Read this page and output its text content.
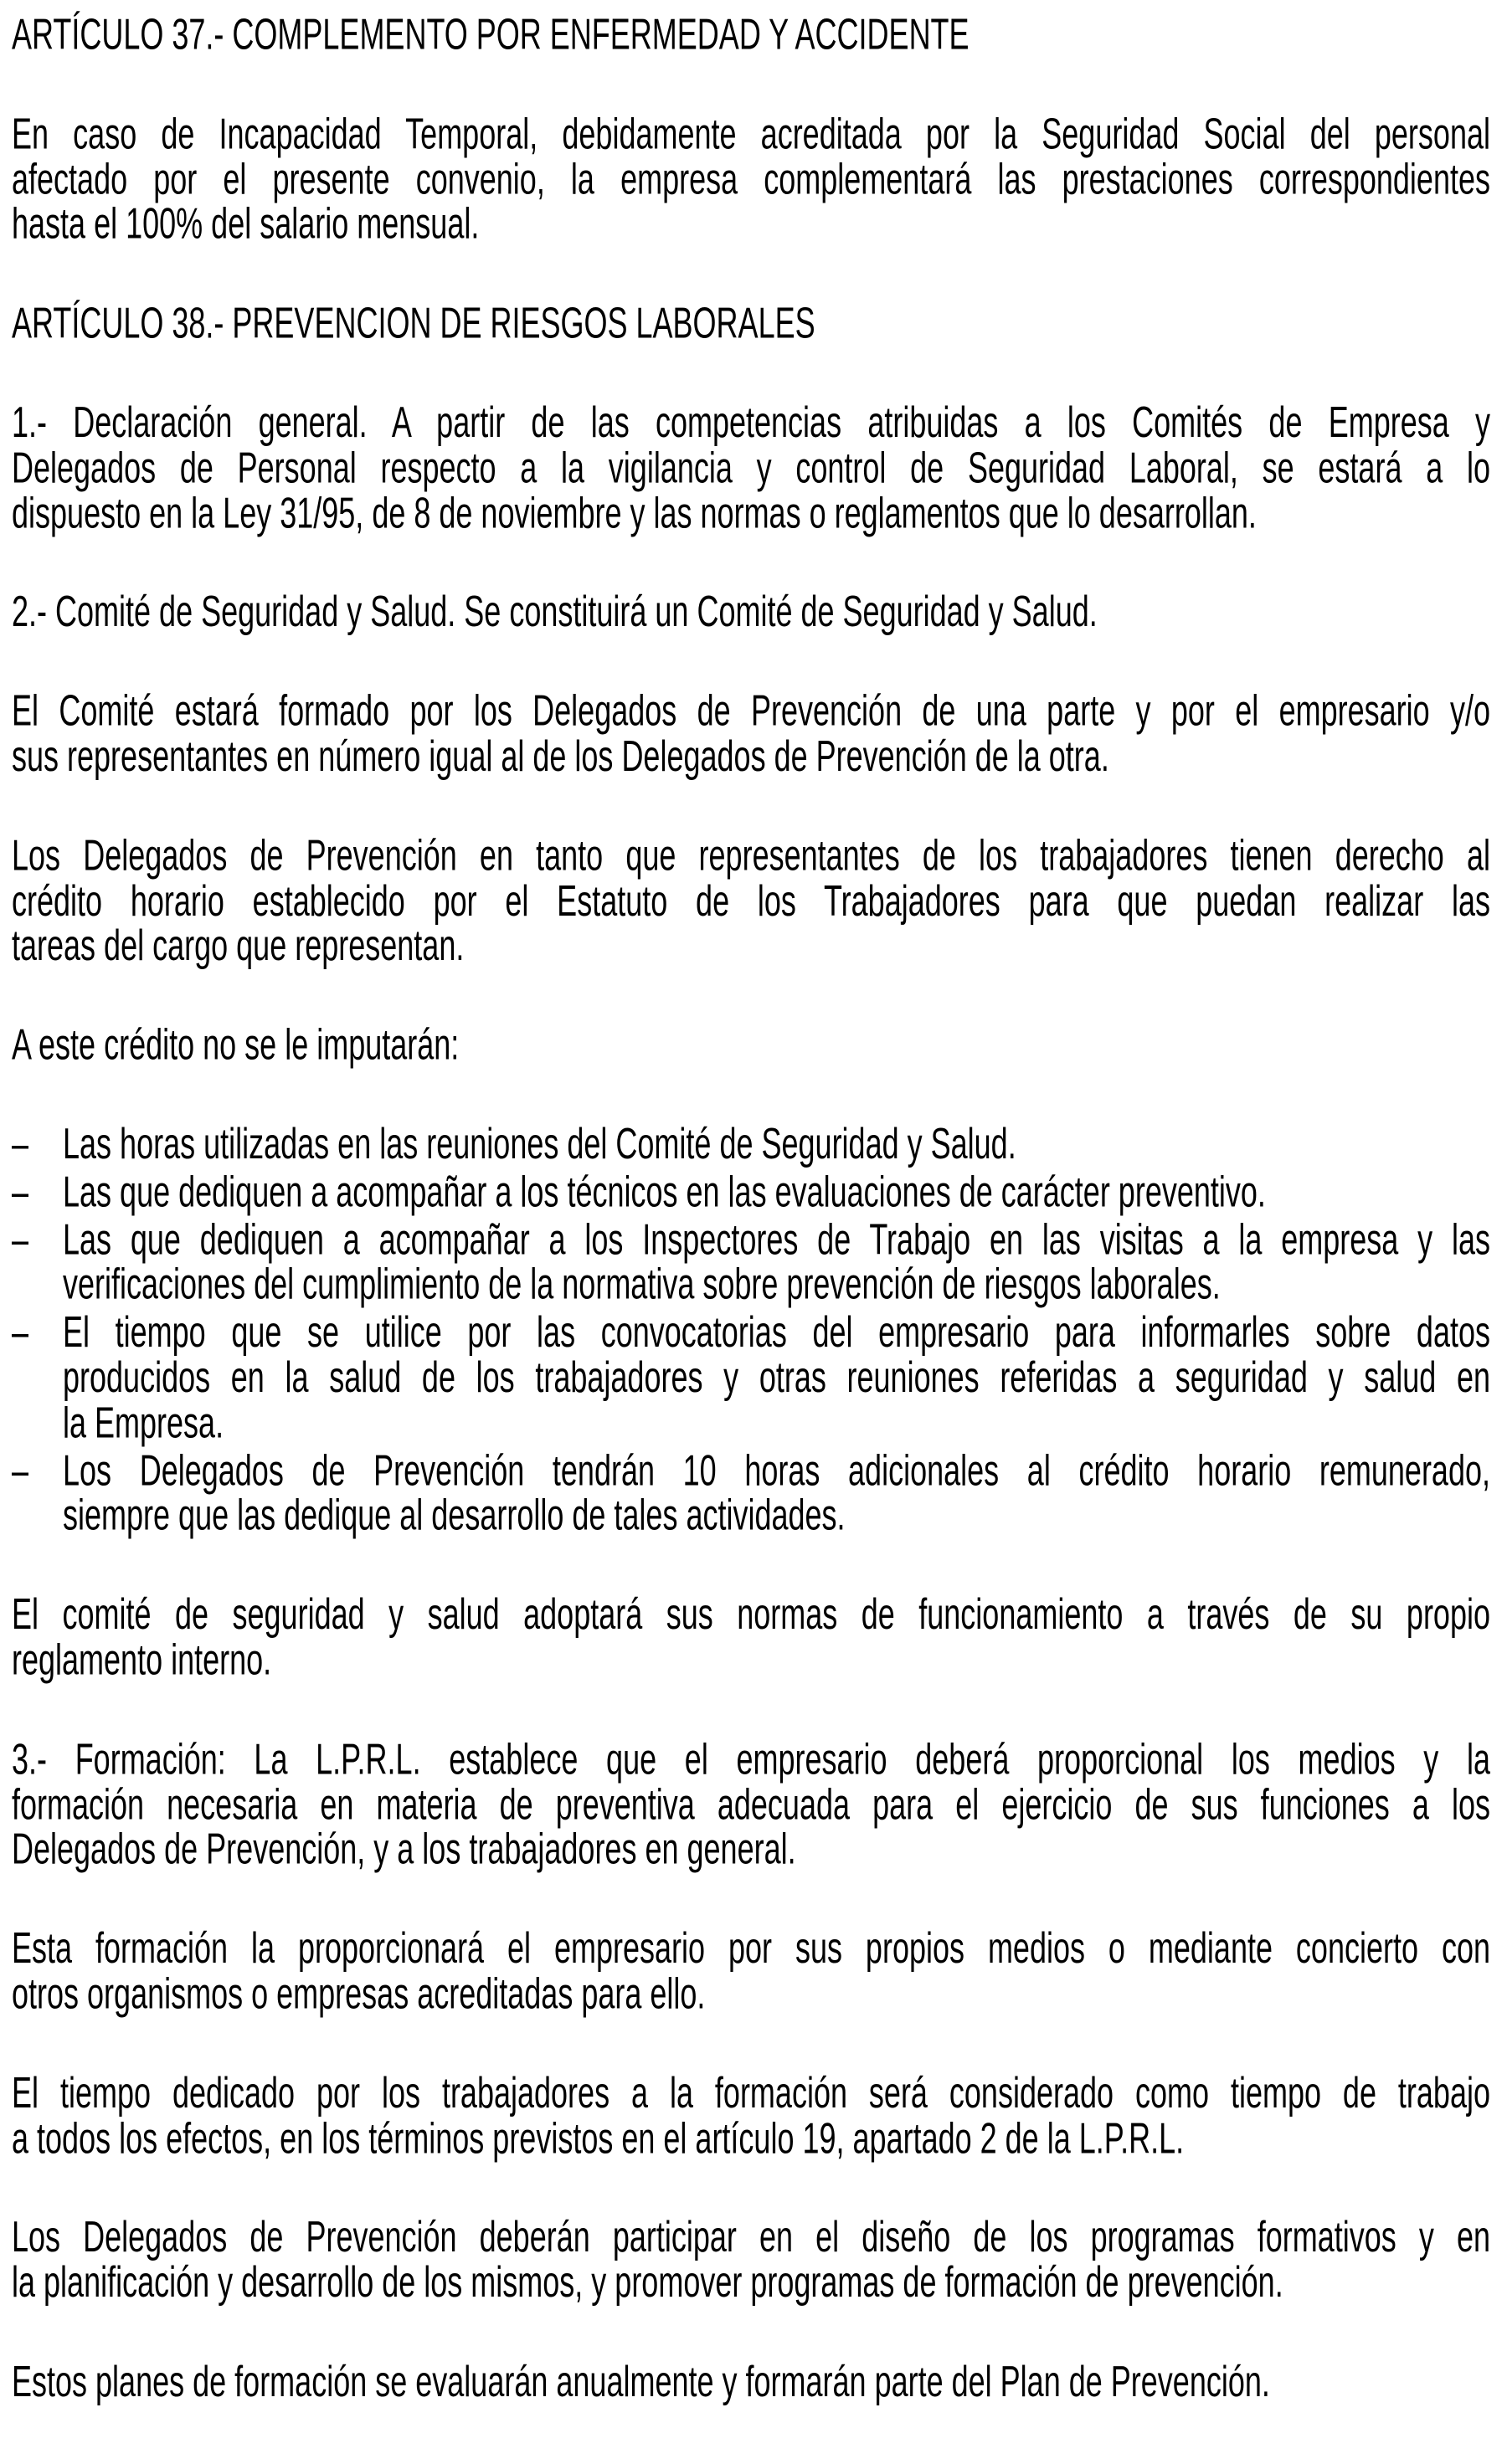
ARTÍCULO 37.- COMPLEMENTO POR ENFERMEDAD Y ACCIDENTE
En caso de Incapacidad Temporal, debidamente acreditada por la Seguridad Social del personal
afectado por el presente convenio, la empresa complementará las prestaciones correspondientes
hasta el 100% del salario mensual.
ARTÍCULO 38.- PREVENCION DE RIESGOS LABORALES
1.- Declaración general. A partir de las competencias atribuidas a los Comités de Empresa y
Delegados de Personal respecto a la vigilancia y control de Seguridad Laboral, se estará a lo
dispuesto en la Ley 31/95, de 8 de noviembre y las normas o reglamentos que lo desarrollan.
2.- Comité de Seguridad y Salud. Se constituirá un Comité de Seguridad y Salud.
El Comité estará formado por los Delegados de Prevención de una parte y por el empresario y/o
sus representantes en número igual al de los Delegados de Prevención de la otra.
Los Delegados de Prevención en tanto que representantes de los trabajadores tienen derecho al
crédito horario establecido por el Estatuto de los Trabajadores para que puedan realizar las
tareas del cargo que representan.
A este crédito no se le imputarán:
–	Las horas utilizadas en las reuniones del Comité de Seguridad y Salud.
–	Las que dediquen a acompañar a los técnicos en las evaluaciones de carácter preventivo.
–	Las que dediquen a acompañar a los Inspectores de Trabajo en las visitas a la empresa y las
verificaciones del cumplimiento de la normativa sobre prevención de riesgos laborales.
–	El tiempo que se utilice por las convocatorias del empresario para informarles sobre datos
producidos en la salud de los trabajadores y otras reuniones referidas a seguridad y salud en
la Empresa.
–	Los Delegados de Prevención tendrán 10 horas adicionales al crédito horario remunerado,
siempre que las dedique al desarrollo de tales actividades.
El comité de seguridad y salud adoptará sus normas de funcionamiento a través de su propio
reglamento interno.
3.- Formación: La L.P.R.L. establece que el empresario deberá proporcional los medios y la
formación necesaria en materia de preventiva adecuada para el ejercicio de sus funciones a los
Delegados de Prevención, y a los trabajadores en general.
Esta formación la proporcionará el empresario por sus propios medios o mediante concierto con
otros organismos o empresas acreditadas para ello.
El tiempo dedicado por los trabajadores a la formación será considerado como tiempo de trabajo
a todos los efectos, en los términos previstos en el artículo 19, apartado 2 de la L.P.R.L.
Los Delegados de Prevención deberán participar en el diseño de los programas formativos y en
la planificación y desarrollo de los mismos, y promover programas de formación de prevención.
Estos planes de formación se evaluarán anualmente y formarán parte del Plan de Prevención.
